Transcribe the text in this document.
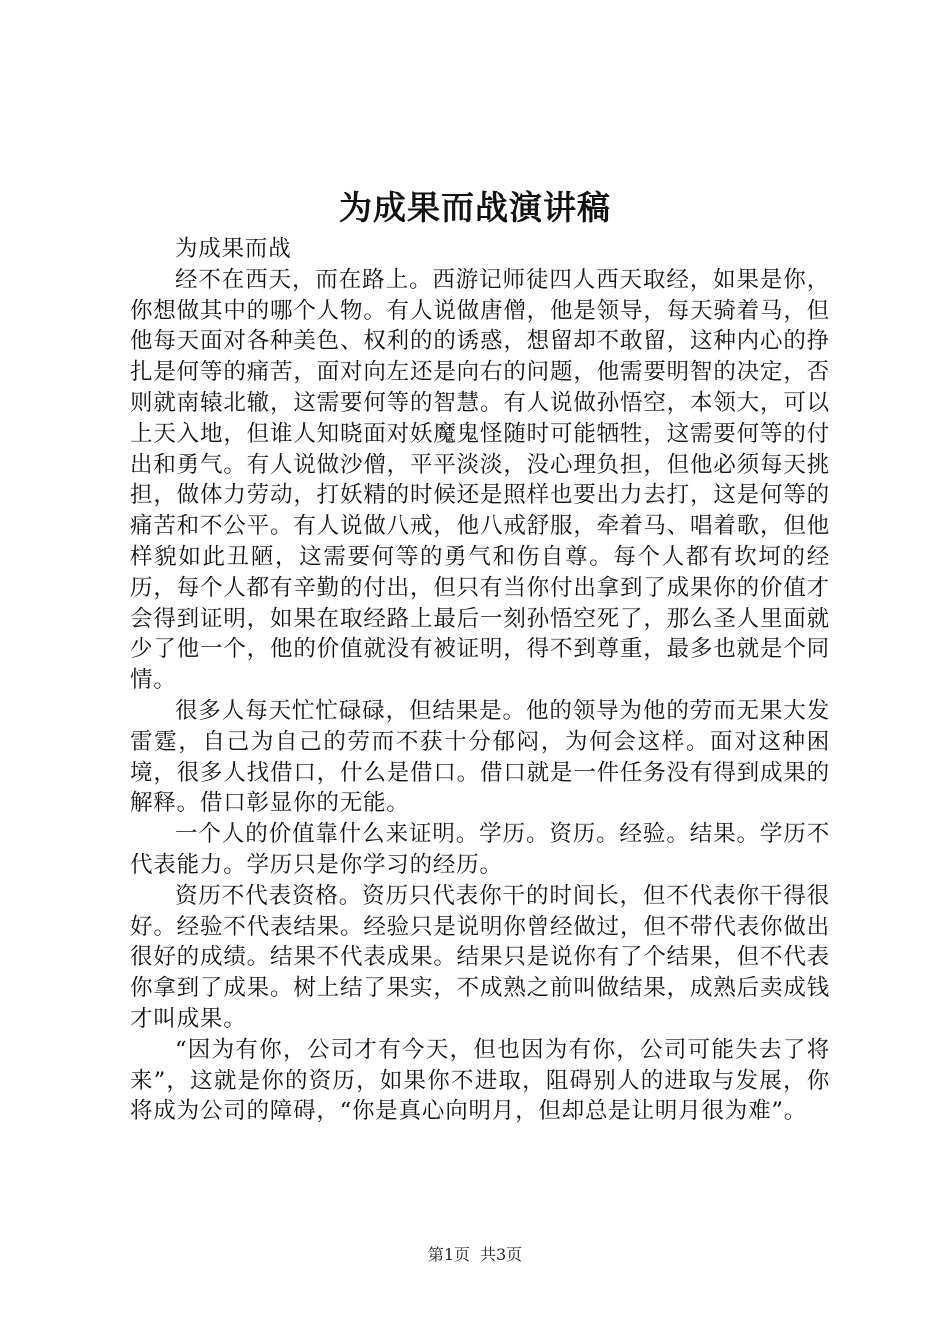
为成果而战演讲稿

为成果而战

经不在西天，而在路上。西游记师徒四人西天取经，如果是你，你想做其中的哪个人物。有人说做唐僧，他是领导，每天骑着马，但他每天面对各种美色、权利的的诱惑，想留却不敢留，这种内心的挣扎是何等的痛苦，面对向左还是向右的问题，他需要明智的决定，否则就南辕北辙，这需要何等的智慧。有人说做孙悟空，本领大，可以上天入地，但谁人知晓面对妖魔鬼怪随时可能牺牲，这需要何等的付出和勇气。有人说做沙僧，平平淡淡，没心理负担，但他必须每天挑担，做体力劳动，打妖精的时候还是照样也要出力去打，这是何等的痛苦和不公平。有人说做八戒，他八戒舒服，牵着马、唱着歌，但他样貌如此丑陋，这需要何等的勇气和伤自尊。每个人都有坎坷的经历，每个人都有辛勤的付出，但只有当你付出拿到了成果你的价值才会得到证明，如果在取经路上最后一刻孙悟空死了，那么圣人里面就少了他一个，他的价值就没有被证明，得不到尊重，最多也就是个同情。

很多人每天忙忙碌碌，但结果是。他的领导为他的劳而无果大发雷霆，自己为自己的劳而不获十分郁闷，为何会这样。面对这种困境，很多人找借口，什么是借口。借口就是一件任务没有得到成果的解释。借口彰显你的无能。

一个人的价值靠什么来证明。学历。资历。经验。结果。学历不代表能力。学历只是你学习的经历。

资历不代表资格。资历只代表你干的时间长，但不代表你干得很好。经验不代表结果。经验只是说明你曾经做过，但不带代表你做出很好的成绩。结果不代表成果。结果只是说你有了个结果，但不代表你拿到了成果。树上结了果实，不成熟之前叫做结果，成熟后卖成钱才叫成果。

“因为有你，公司才有今天，但也因为有你，公司可能失去了将来”，这就是你的资历，如果你不进取，阻碍别人的进取与发展，你将成为公司的障碍，“你是真心向明月，但却总是让明月很为难”。

第1页 共3页
